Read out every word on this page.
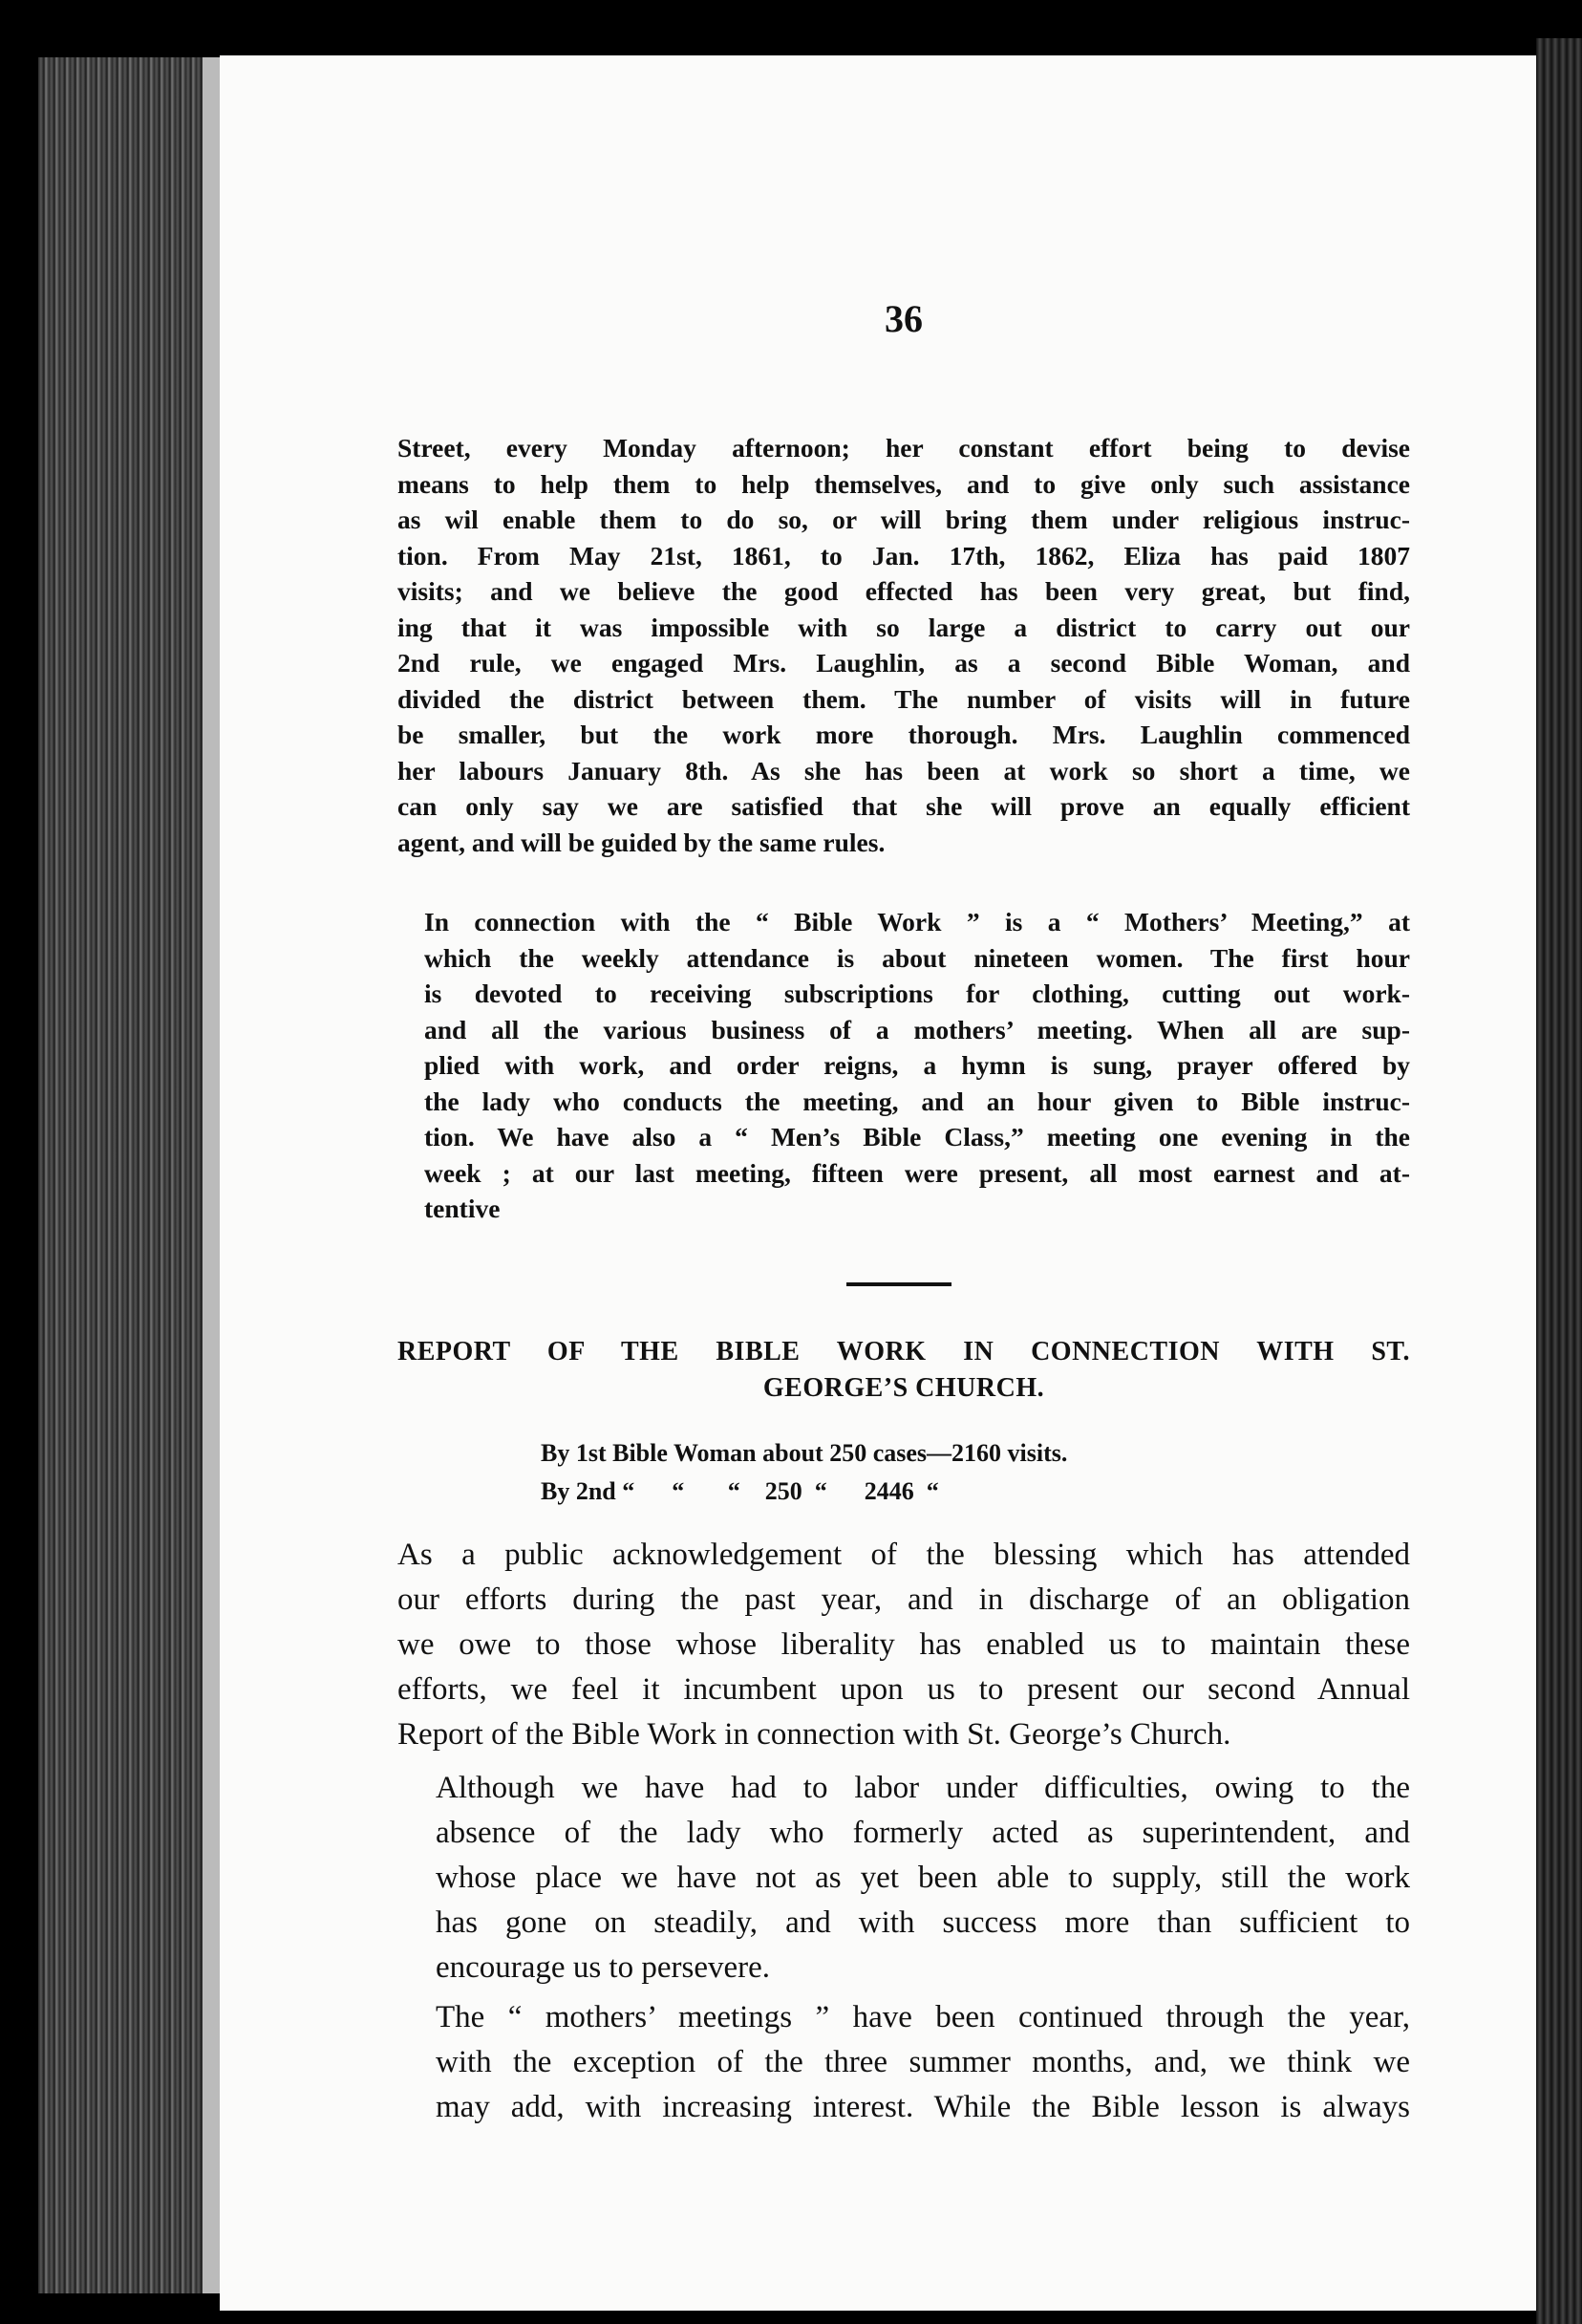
36

Street, every Monday afternoon; her constant effort being to devise
means to help them to help themselves, and to give only such assistance
as wil enable them to do so, or will bring them under religious instruc-
tion. From May 21st, 1861, to Jan. 17th, 1862, Eliza has paid 1807
visits; and we believe the good effected has been very great, but find,
ing that it was impossible with so large a district to carry out our
2nd rule, we engaged Mrs. Laughlin, as a second Bible Woman, and
divided the district between them. The number of visits will in future
be smaller, but the work more thorough. Mrs. Laughlin commenced
her labours January 8th. As she has been at work so short a time, we
can only say we are satisfied that she will prove an equally efficient
agent, and will be guided by the same rules.

In connection with the “ Bible Work ” is a “ Mothers’ Meeting,” at
which the weekly attendance is about nineteen women. The first hour
is devoted to receiving subscriptions for clothing, cutting out work-
and all the various business of a mothers’ meeting. When all are sup-
plied with work, and order reigns, a hymn is sung, prayer offered by
the lady who conducts the meeting, and an hour given to Bible instruc-
tion. We have also a “ Men’s Bible Class,” meeting one evening in the
week ; at our last meeting, fifteen were present, all most earnest and at-
tentive

REPORT OF THE BIBLE WORK IN CONNECTION WITH ST.
GEORGE’S CHURCH.
By 1st Bible Woman about 250 cases—2160 visits.
By 2nd “      “       “    250  “      2446  “

As a public acknowledgement of the blessing which has attended
our efforts during the past year, and in discharge of an obligation
we owe to those whose liberality has enabled us to maintain these
efforts, we feel it incumbent upon us to present our second Annual
Report of the Bible Work in connection with St. George’s Church.

Although we have had to labor under difficulties, owing to the
absence of the lady who formerly acted as superintendent, and
whose place we have not as yet been able to supply, still the work
has gone on steadily, and with success more than sufficient to
encourage us to persevere.

The “ mothers’ meetings ” have been continued through the year,
with the exception of the three summer months, and, we think we
may add, with increasing interest. While the Bible lesson is always
